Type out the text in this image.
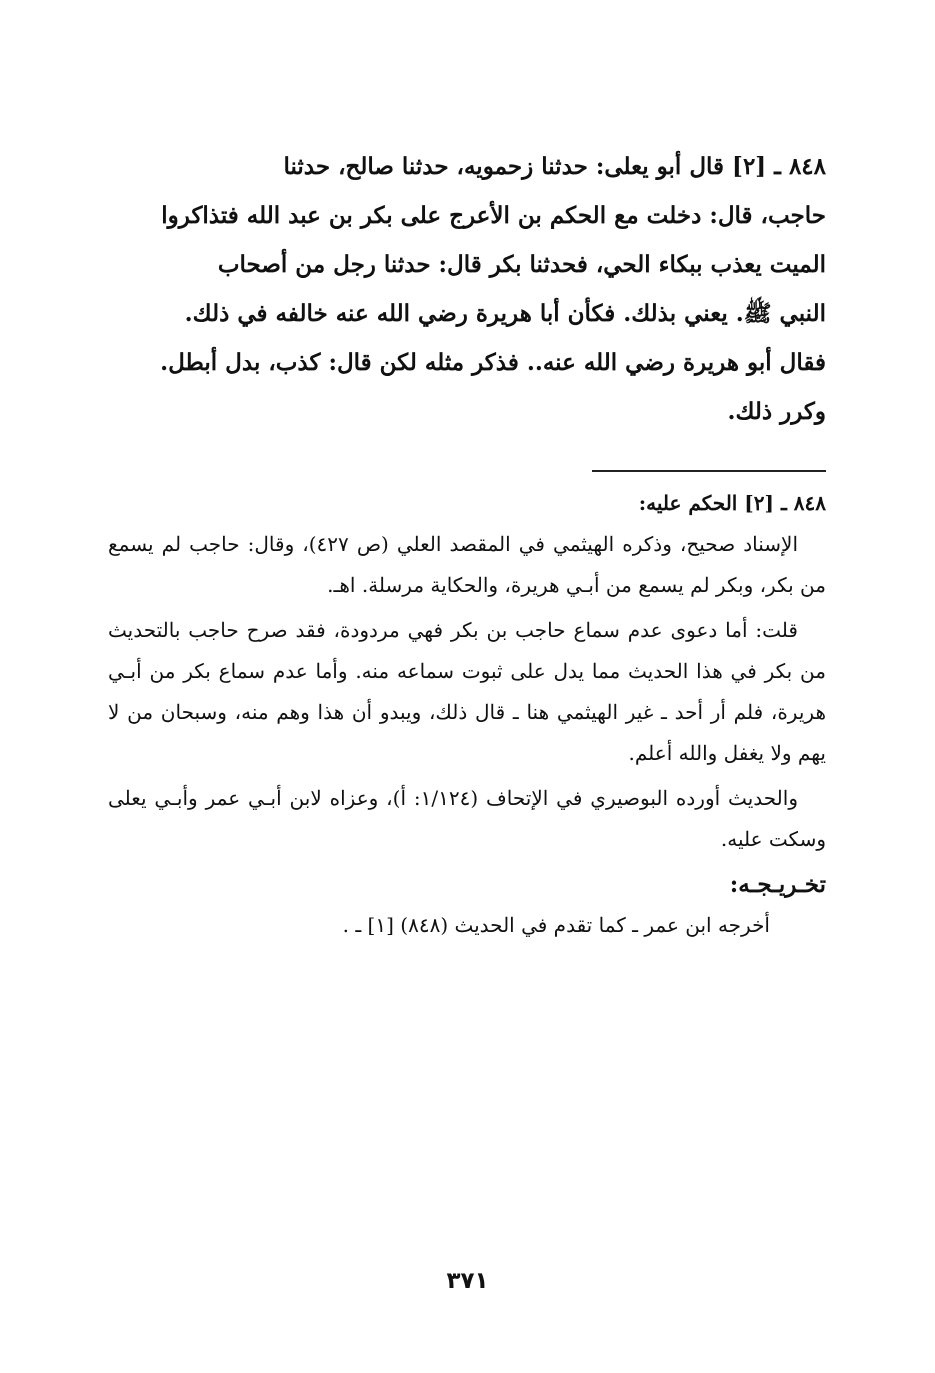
٨٤٨ ـ [٢] قال أبو يعلى: حدثنا زحمويه، حدثنا صالح، حدثنا

حاجب، قال: دخلت مع الحكم بن الأعرج على بكر بن عبد الله فتذاكروا

الميت يعذب ببكاء الحي، فحدثنا بكر قال: حدثنا رجل من أصحاب

النبي ﷺ. يعني بذلك. فكأن أبا هريرة رضي الله عنه خالفه في ذلك.

فقال أبو هريرة رضي الله عنه.. فذكر مثله لكن قال: كذب، بدل أبطل.

وكرر ذلك.

٨٤٨ ـ [٢] الحكم عليه:

الإسناد صحيح، وذكره الهيثمي في المقصد العلي (ص ٤٢٧)، وقال: حاجب لم يسمع من بكر، وبكر لم يسمع من أبـي هريرة، والحكاية مرسلة. اهـ.

قلت: أما دعوى عدم سماع حاجب بن بكر فهي مردودة، فقد صرح حاجب بالتحديث من بكر في هذا الحديث مما يدل على ثبوت سماعه منه. وأما عدم سماع بكر من أبـي هريرة، فلم أر أحد ـ غير الهيثمي هنا ـ قال ذلك، ويبدو أن هذا وهم منه، وسبحان من لا يهم ولا يغفل والله أعلم.

والحديث أورده البوصيري في الإتحاف (١/١٢٤: أ)، وعزاه لابن أبـي عمر وأبـي يعلى وسكت عليه.

تخـريـجـه:

أخرجه ابن عمر ـ كما تقدم في الحديث (٨٤٨) [١] ـ .

٣٧١
